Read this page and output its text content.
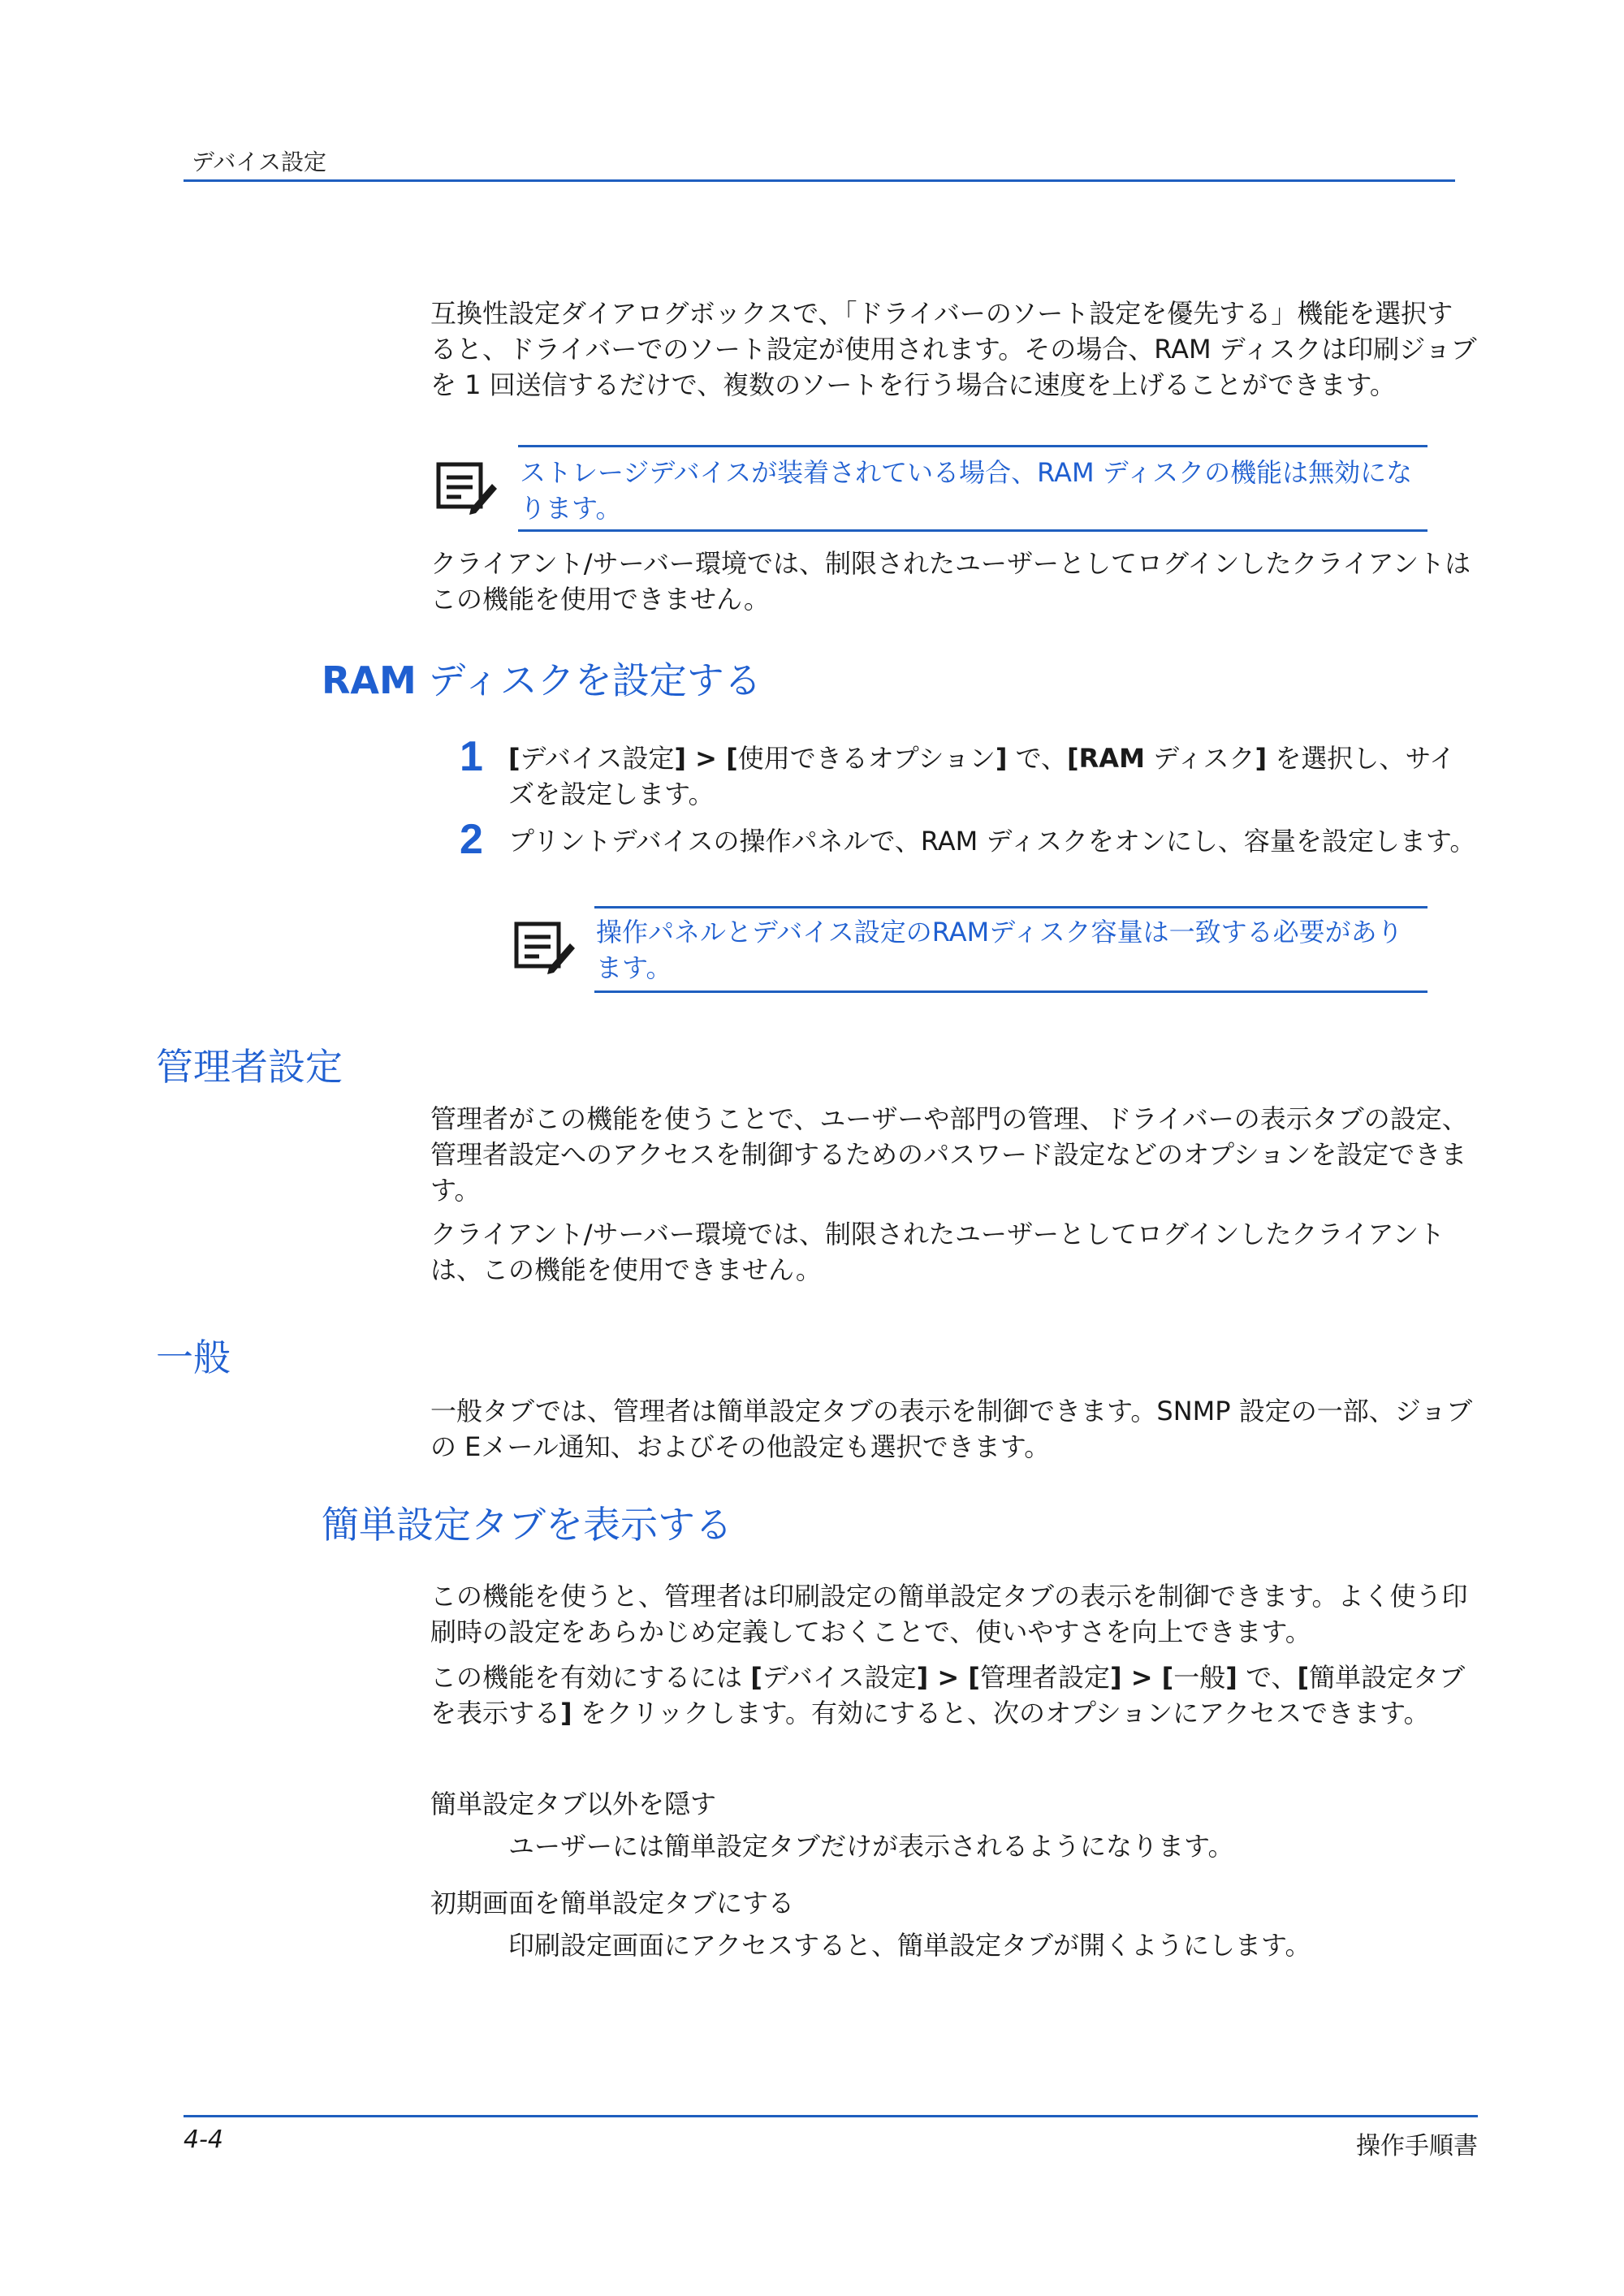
デバイス設定

互換性設定ダイアログボックスで、「ドライバーのソート設定を優先する」機能を選択すると、ドライバーでのソート設定が使用されます。その場合、RAM ディスクは印刷ジョブを 1 回送信するだけで、複数のソートを行う場合に速度を上げることができます。

ストレージデバイスが装着されている場合、RAM ディスクの機能は無効になります。

クライアント/サーバー環境では、制限されたユーザーとしてログインしたクライアントはこの機能を使用できません。

RAM ディスクを設定する
1 [デバイス設定] > [使用できるオプション] で、[RAM ディスク] を選択し、サイズを設定します。

2 プリントデバイスの操作パネルで、RAM ディスクをオンにし、容量を設定します。

操作パネルとデバイス設定のRAMディスク容量は一致する必要があります。

管理者設定

管理者がこの機能を使うことで、ユーザーや部門の管理、ドライバーの表示タブの設定、管理者設定へのアクセスを制御するためのパスワード設定などのオプションを設定できます。

クライアント/サーバー環境では、制限されたユーザーとしてログインしたクライアントは、この機能を使用できません。

一般

一般タブでは、管理者は簡単設定タブの表示を制御できます。SNMP 設定の一部、ジョブの Eメール通知、およびその他設定も選択できます。

簡単設定タブを表示する

この機能を使うと、管理者は印刷設定の簡単設定タブの表示を制御できます。よく使う印刷時の設定をあらかじめ定義しておくことで、使いやすさを向上できます。

この機能を有効にするには [デバイス設定] > [管理者設定] > [一般] で、[簡単設定タブを表示する] をクリックします。有効にすると、次のオプションにアクセスできます。

簡単設定タブ以外を隠す

ユーザーには簡単設定タブだけが表示されるようになります。

初期画面を簡単設定タブにする

印刷設定画面にアクセスすると、簡単設定タブが開くようにします。

4-4	操作手順書
